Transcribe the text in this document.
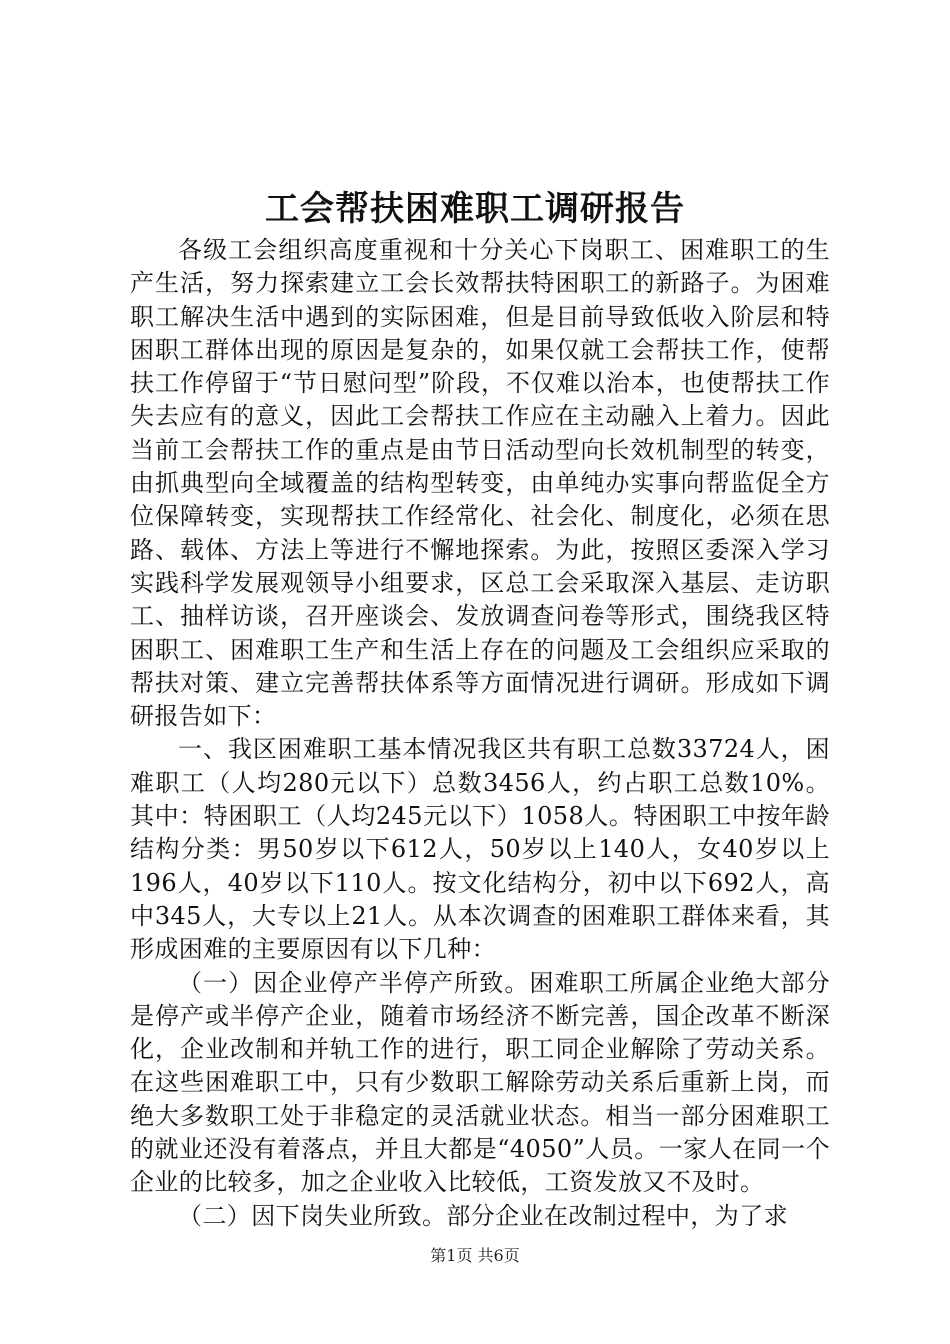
工会帮扶困难职工调研报告

各级工会组织高度重视和十分关心下岗职工、困难职工的生产生活，努力探索建立工会长效帮扶特困职工的新路子。为困难职工解决生活中遇到的实际困难，但是目前导致低收入阶层和特困职工群体出现的原因是复杂的，如果仅就工会帮扶工作，使帮扶工作停留于“节日慰问型”阶段，不仅难以治本，也使帮扶工作失去应有的意义，因此工会帮扶工作应在主动融入上着力。因此当前工会帮扶工作的重点是由节日活动型向长效机制型的转变，由抓典型向全域覆盖的结构型转变，由单纯办实事向帮监促全方位保障转变，实现帮扶工作经常化、社会化、制度化，必须在思路、载体、方法上等进行不懈地探索。为此，按照区委深入学习实践科学发展观领导小组要求，区总工会采取深入基层、走访职工、抽样访谈，召开座谈会、发放调查问卷等形式，围绕我区特困职工、困难职工生产和生活上存在的问题及工会组织应采取的帮扶对策、建立完善帮扶体系等方面情况进行调研。形成如下调研报告如下：

一、我区困难职工基本情况我区共有职工总数33724人，困难职工（人均280元以下）总数3456人，约占职工总数10%。其中：特困职工（人均245元以下）1058人。特困职工中按年龄结构分类：男50岁以下612人，50岁以上140人，女40岁以上196人，40岁以下110人。按文化结构分，初中以下692人，高中345人，大专以上21人。从本次调查的困难职工群体来看，其形成困难的主要原因有以下几种：

（一）因企业停产半停产所致。困难职工所属企业绝大部分是停产或半停产企业，随着市场经济不断完善，国企改革不断深化，企业改制和并轨工作的进行，职工同企业解除了劳动关系。在这些困难职工中，只有少数职工解除劳动关系后重新上岗，而绝大多数职工处于非稳定的灵活就业状态。相当一部分困难职工的就业还没有着落点，并且大都是“4050”人员。一家人在同一个企业的比较多，加之企业收入比较低，工资发放又不及时。

（二）因下岗失业所致。部分企业在改制过程中，为了求

第1页 共6页
